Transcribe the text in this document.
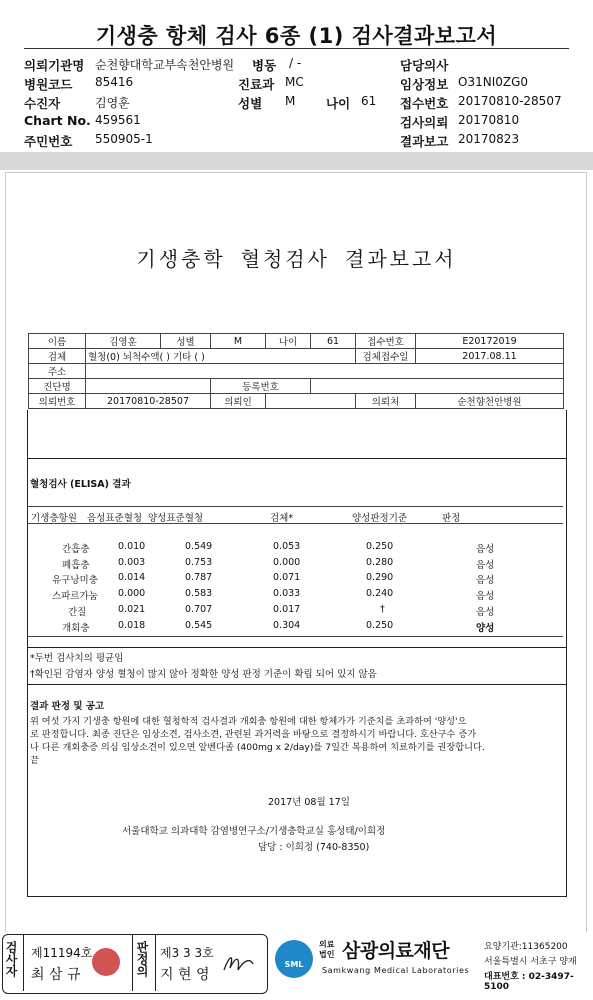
기생충 항체 검사 6종 (1) 검사결과보고서
의뢰기관명 순천향대학교부속천안병원 병동 / -	담당의사
병원코드 85416	진료과 MC	임상정보 O31NI0ZG0
수진자	김영훈	성별 M 나이 61 접수번호 20170810-28507
Chart No. 459561	검사의뢰 20170810
주민번호 550905-1	결과보고 20170823
기생충학 혈청검사 결과보고서
이름	김영훈	성별	M	나이	61	접수번호	E20172019
검체	혈청(0) 뇌척수액( ) 기타 ( )					검체접수일	2017.08.11
주소							
진단명			등록번호				
의뢰번호	20170810-28507		의뢰인			의뢰처	순천향천안병원
혈청검사 (ELISA) 결과
기생충항원 음성표준혈청 양성표준혈청	검체*	양성판정기준	판정
간흡충	0.010	0.549	0.053	0.250	음성
폐흡충	0.003	0.753	0.000	0.280	음성
유구낭미충 0.014	0.787	0.071	0.290	음성
스파르가눔 0.000	0.583	0.033	0.240	음성
간질	0.021	0.707	0.017	†	음성
개회충	0.018	0.545	0.304	0.250	양성
*두번 검사치의 평균임
†확인된 감염자 양성 혈청이 많지 않아 정확한 양성 판정 기준이 확립 되어 있지 않음
결과 판정 및 공고
위 여섯 가지 기생충 항원에 대한 혈청학적 검사결과 개회충 항원에 대한 항체가가 기준치를 초과하여 '양성'으
로 판정합니다. 최종 진단은 임상소견, 검사소견, 관련된 과거력을 바탕으로 결정하시기 바랍니다. 호산구수 증가
나 다른 개회충증 의심 임상소견이 있으면 알벤다졸 (400mg x 2/day)를 7일간 복용하여 치료하기를 권장합니다.
끝
2017년 08월 17일
서울대학교 의과대학 감염병연구소/기생충학교실 홍성태/이희정
담당 : 이희정 (740-8350)
검사자 제11194호
최 삼 규	판정의 제3 3 3호
지 현 영
SML
의료법인 삼광의료재단
Samkwang Medical Laboratories
요양기관:11365200
서울특별시 서초구 양재
대표번호 : 02-3497-5100
